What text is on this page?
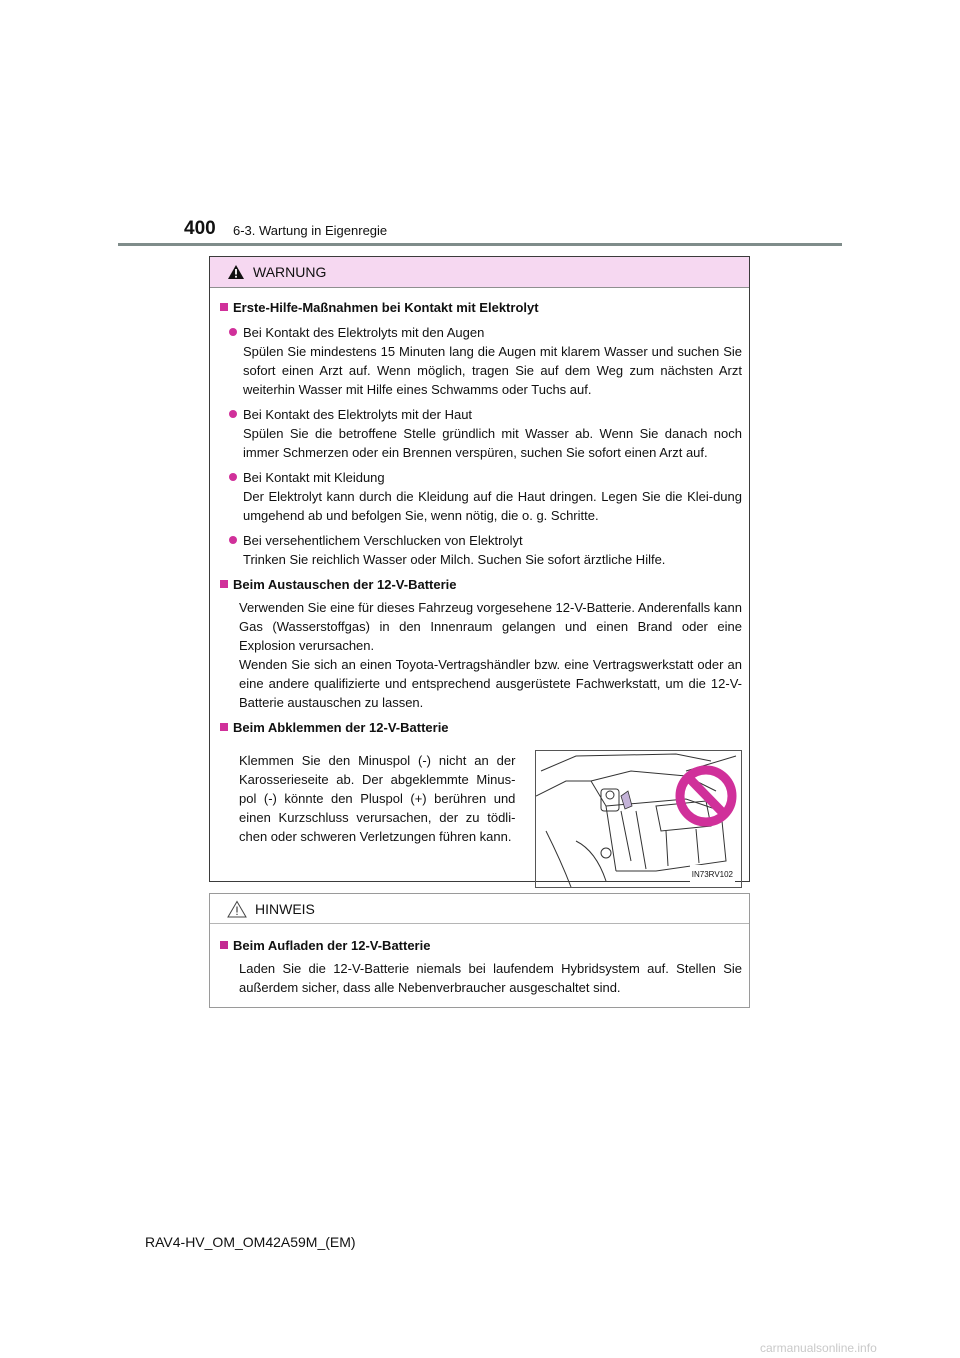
400 6-3. Wartung in Eigenregie
WARNUNG
Erste-Hilfe-Maßnahmen bei Kontakt mit Elektrolyt
Bei Kontakt des Elektrolyts mit den Augen
Spülen Sie mindestens 15 Minuten lang die Augen mit klarem Wasser und suchen Sie sofort einen Arzt auf. Wenn möglich, tragen Sie auf dem Weg zum nächsten Arzt weiterhin Wasser mit Hilfe eines Schwamms oder Tuchs auf.
Bei Kontakt des Elektrolyts mit der Haut
Spülen Sie die betroffene Stelle gründlich mit Wasser ab. Wenn Sie danach noch immer Schmerzen oder ein Brennen verspüren, suchen Sie sofort einen Arzt auf.
Bei Kontakt mit Kleidung
Der Elektrolyt kann durch die Kleidung auf die Haut dringen. Legen Sie die Klei-dung umgehend ab und befolgen Sie, wenn nötig, die o. g. Schritte.
Bei versehentlichem Verschlucken von Elektrolyt
Trinken Sie reichlich Wasser oder Milch. Suchen Sie sofort ärztliche Hilfe.
Beim Austauschen der 12-V-Batterie

Verwenden Sie eine für dieses Fahrzeug vorgesehene 12-V-Batterie. Anderenfalls kann Gas (Wasserstoffgas) in den Innenraum gelangen und einen Brand oder eine Explosion verursachen.

Wenden Sie sich an einen Toyota-Vertragshändler bzw. eine Vertragswerkstatt oder an eine andere qualifizierte und entsprechend ausgerüstete Fachwerkstatt, um die 12-V-Batterie austauschen zu lassen.

Beim Abklemmen der 12-V-Batterie
Klemmen Sie den Minuspol (-) nicht an der Karosserieseite ab. Der abgeklemmte Minus-pol (-) könnte den Pluspol (+) berühren und einen Kurzschluss verursachen, der zu tödli-chen oder schweren Verletzungen führen kann.
IN73RV102
HINWEIS
Beim Aufladen der 12-V-Batterie
Laden Sie die 12-V-Batterie niemals bei laufendem Hybridsystem auf. Stellen Sie außerdem sicher, dass alle Nebenverbraucher ausgeschaltet sind.
RAV4-HV_OM_OM42A59M_(EM)
carmanualsonline.info
